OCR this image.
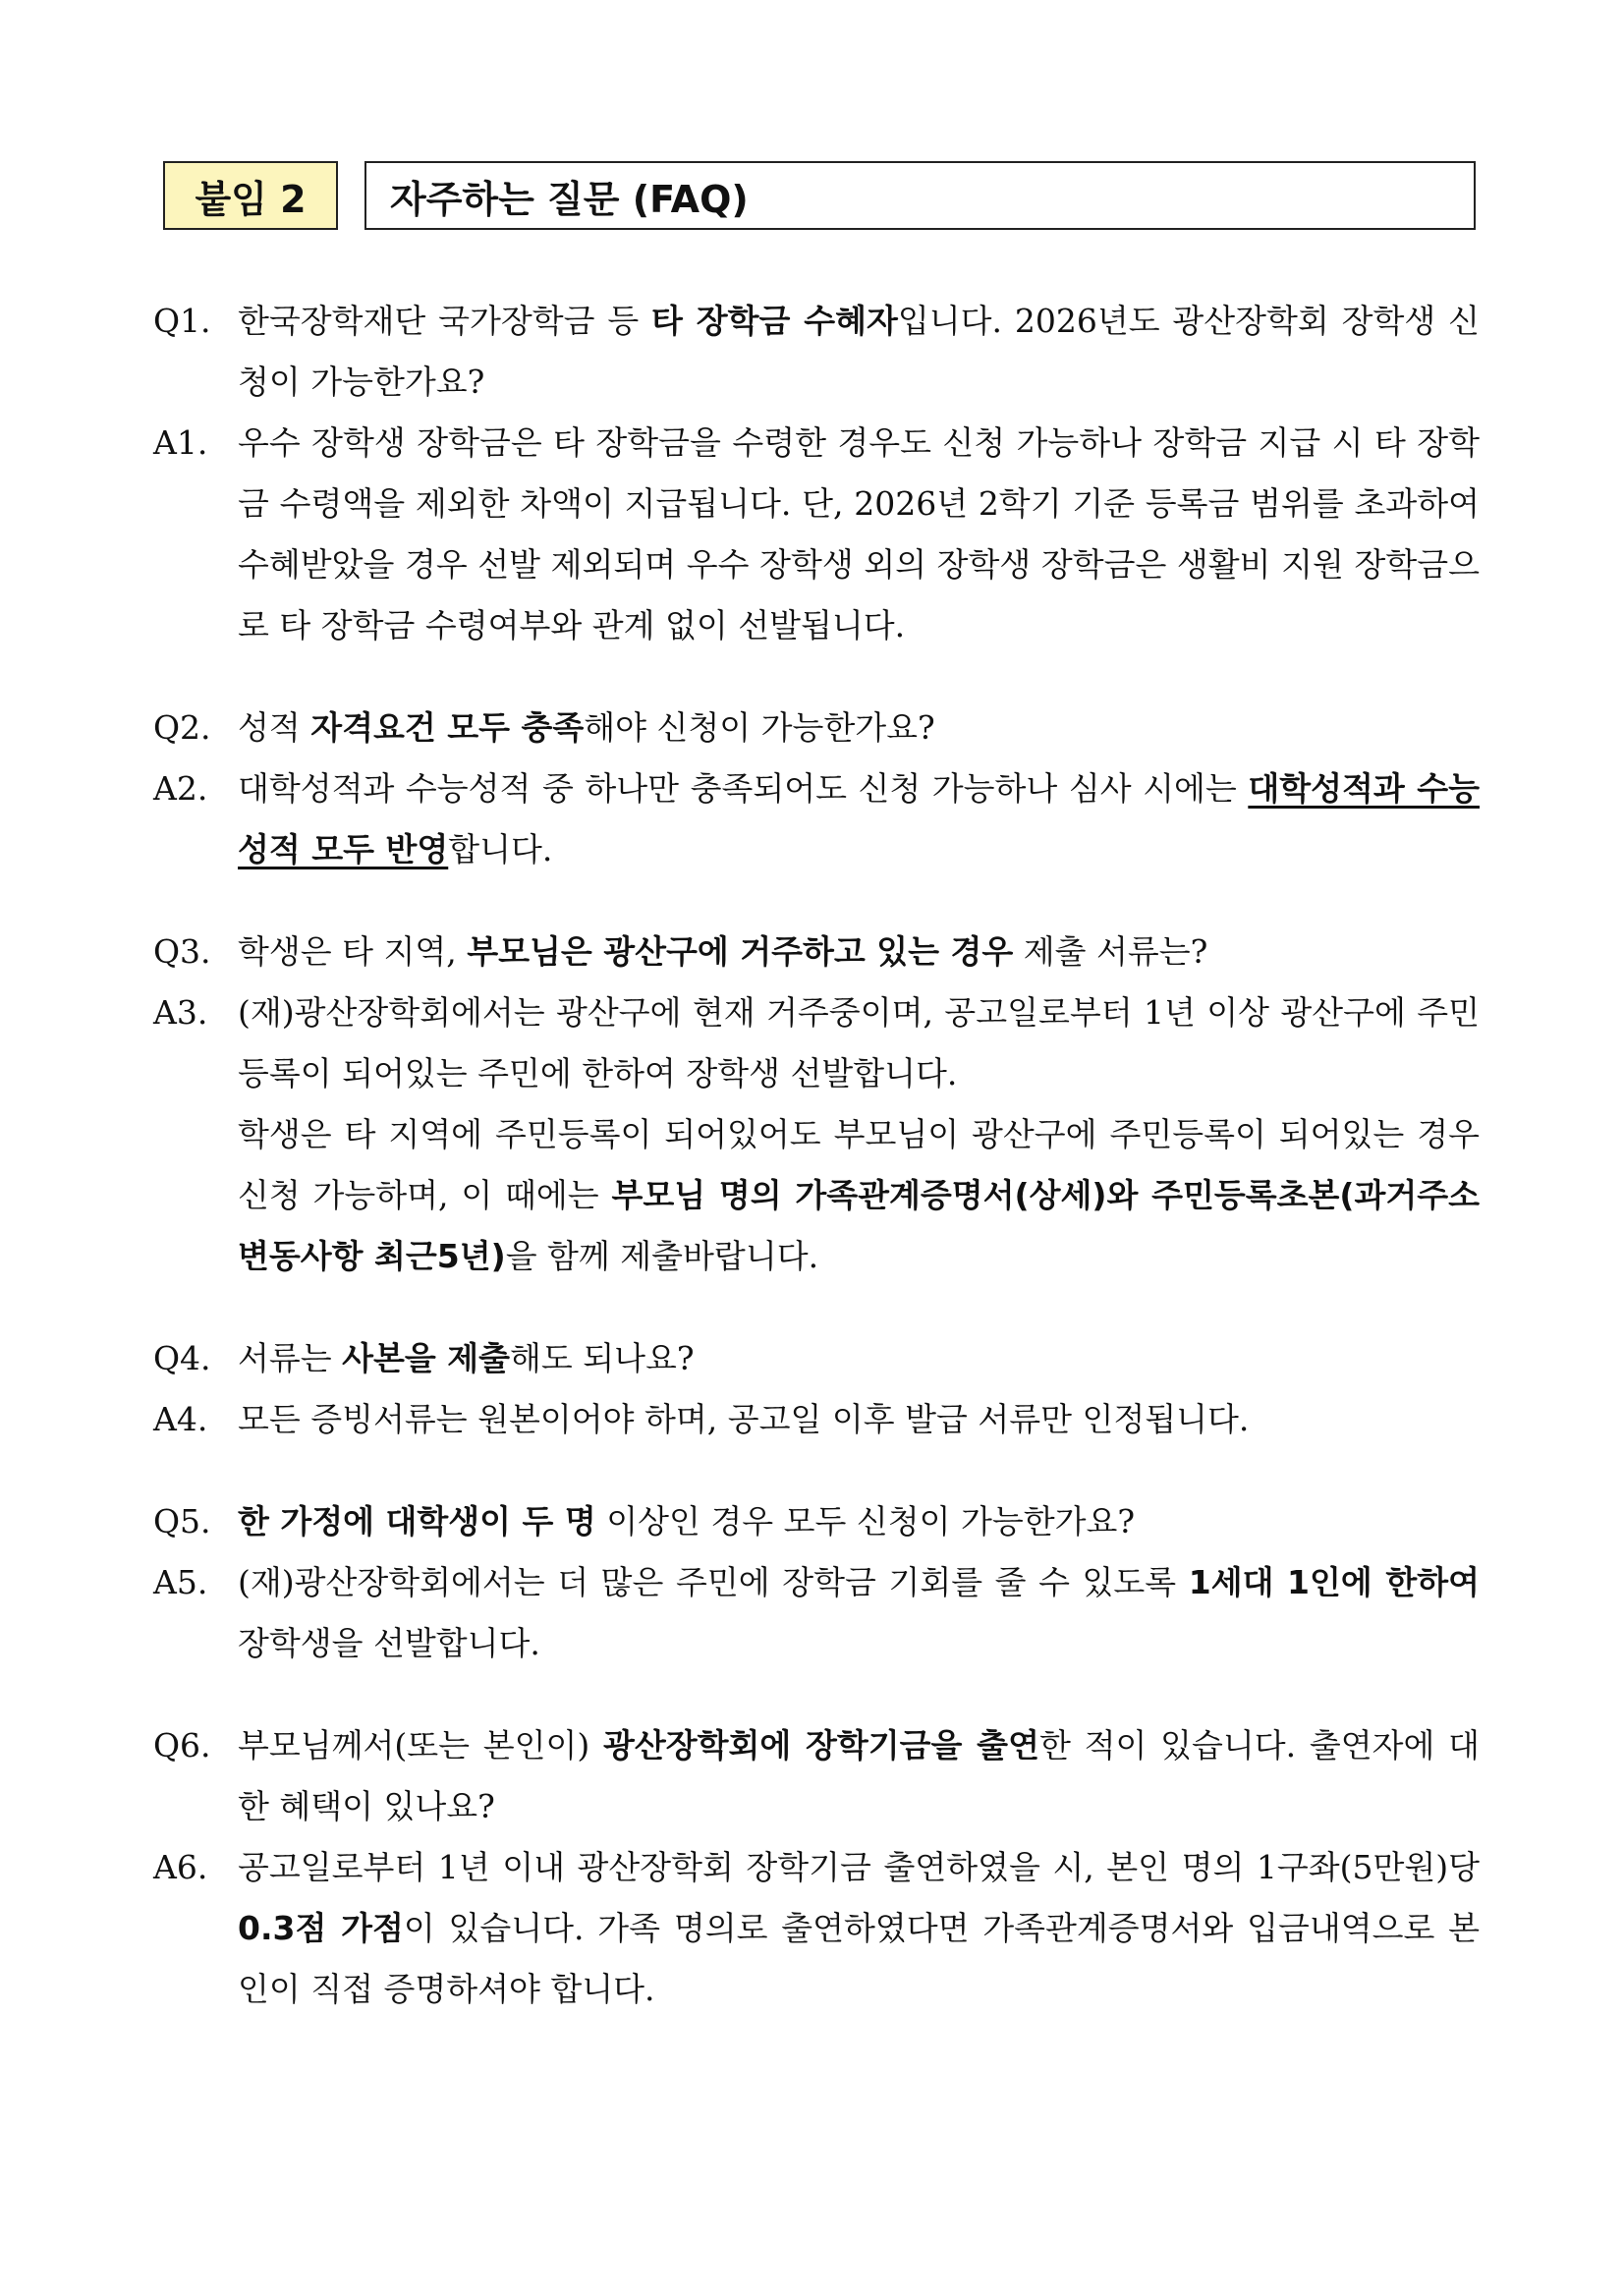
붙임 2	자주하는 질문 (FAQ)
Q1. 한국장학재단 국가장학금 등 타 장학금 수혜자입니다. 2026년도 광산장학회 장학생 신청이 가능한가요?
A1. 우수 장학생 장학금은 타 장학금을 수령한 경우도 신청 가능하나 장학금 지급 시 타 장학금 수령액을 제외한 차액이 지급됩니다. 단, 2026년 2학기 기준 등록금 범위를 초과하여 수혜받았을 경우 선발 제외되며 우수 장학생 외의 장학생 장학금은 생활비 지원 장학금으로 타 장학금 수령여부와 관계 없이 선발됩니다.
Q2. 성적 자격요건 모두 충족해야 신청이 가능한가요?
A2. 대학성적과 수능성적 중 하나만 충족되어도 신청 가능하나 심사 시에는 대학성적과 수능성적 모두 반영합니다.
Q3. 학생은 타 지역, 부모님은 광산구에 거주하고 있는 경우 제출 서류는?
A3. (재)광산장학회에서는 광산구에 현재 거주중이며, 공고일로부터 1년 이상 광산구에 주민등록이 되어있는 주민에 한하여 장학생 선발합니다.
학생은 타 지역에 주민등록이 되어있어도 부모님이 광산구에 주민등록이 되어있는 경우 신청 가능하며, 이 때에는 부모님 명의 가족관계증명서(상세)와 주민등록초본(과거주소변동사항 최근5년)을 함께 제출바랍니다.
Q4. 서류는 사본을 제출해도 되나요?
A4. 모든 증빙서류는 원본이어야 하며, 공고일 이후 발급 서류만 인정됩니다.
Q5. 한 가정에 대학생이 두 명 이상인 경우 모두 신청이 가능한가요?
A5. (재)광산장학회에서는 더 많은 주민에 장학금 기회를 줄 수 있도록 1세대 1인에 한하여 장학생을 선발합니다.
Q6. 부모님께서(또는 본인이) 광산장학회에 장학기금을 출연한 적이 있습니다. 출연자에 대한 혜택이 있나요?
A6. 공고일로부터 1년 이내 광산장학회 장학기금 출연하였을 시, 본인 명의 1구좌(5만원)당 0.3점 가점이 있습니다. 가족 명의로 출연하였다면 가족관계증명서와 입금내역으로 본인이 직접 증명하셔야 합니다.
